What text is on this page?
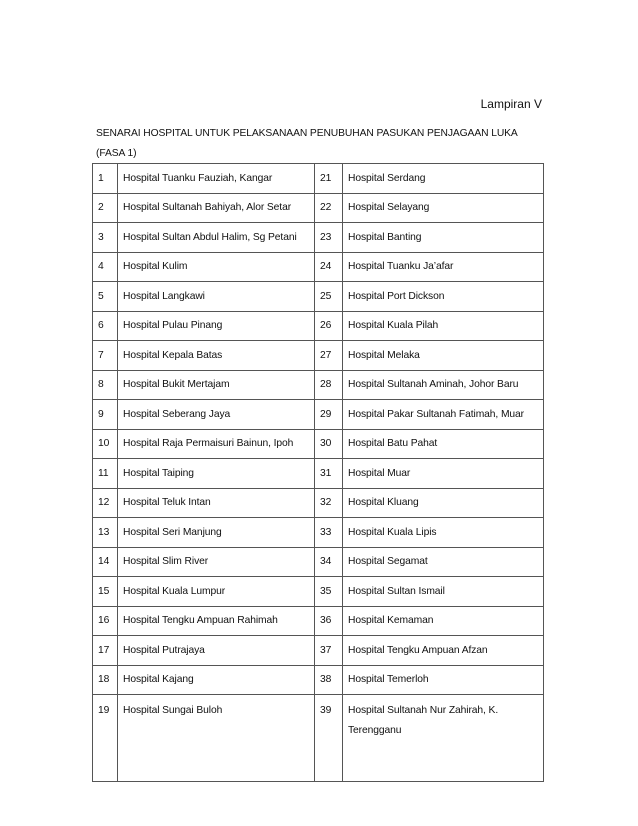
Lampiran V
SENARAI HOSPITAL UNTUK PELAKSANAAN PENUBUHAN PASUKAN PENJAGAAN LUKA
(FASA 1)
1	Hospital Tuanku Fauziah, Kangar	21	Hospital Serdang
2	Hospital Sultanah Bahiyah, Alor Setar	22	Hospital Selayang
3	Hospital Sultan Abdul Halim, Sg Petani	23	Hospital Banting
4	Hospital Kulim	24	Hospital Tuanku Ja’afar
5	Hospital Langkawi	25	Hospital Port Dickson
6	Hospital Pulau Pinang	26	Hospital Kuala Pilah
7	Hospital Kepala Batas	27	Hospital Melaka
8	Hospital Bukit Mertajam	28	Hospital Sultanah Aminah, Johor Baru
9	Hospital Seberang Jaya	29	Hospital Pakar Sultanah Fatimah, Muar
10	Hospital Raja Permaisuri Bainun, Ipoh	30	Hospital Batu Pahat
11	Hospital Taiping	31	Hospital Muar
12	Hospital Teluk Intan	32	Hospital Kluang
13	Hospital Seri Manjung	33	Hospital Kuala Lipis
14	Hospital Slim River	34	Hospital Segamat
15	Hospital Kuala Lumpur	35	Hospital Sultan Ismail
16	Hospital Tengku Ampuan Rahimah	36	Hospital Kemaman
17	Hospital Putrajaya	37	Hospital Tengku Ampuan Afzan
18	Hospital Kajang	38	Hospital Temerloh
19	Hospital Sungai Buloh	39	Hospital Sultanah Nur Zahirah, K. Terengganu
